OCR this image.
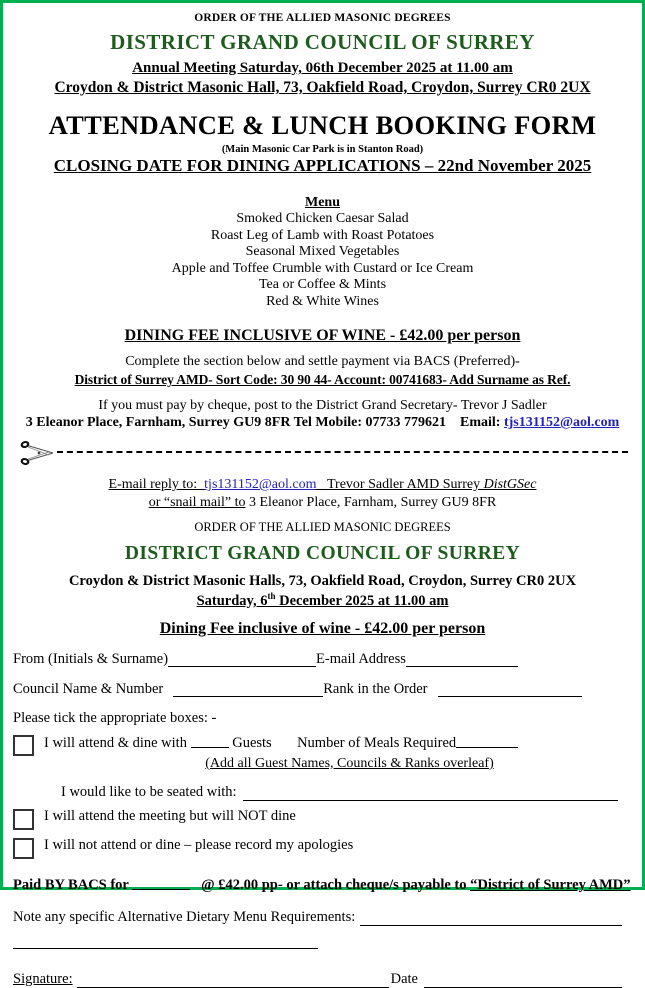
ORDER OF THE ALLIED MASONIC DEGREES
DISTRICT GRAND COUNCIL OF SURREY
Annual Meeting Saturday, 06th December 2025 at 11.00 am
Croydon & District Masonic Hall, 73, Oakfield Road, Croydon, Surrey CR0 2UX
ATTENDANCE & LUNCH BOOKING FORM
(Main Masonic Car Park is in Stanton Road)
CLOSING DATE FOR DINING APPLICATIONS – 22nd November 2025
Menu
Smoked Chicken Caesar Salad
Roast Leg of Lamb with Roast Potatoes
Seasonal Mixed Vegetables
Apple and Toffee Crumble with Custard or Ice Cream
Tea or Coffee & Mints
Red & White Wines
DINING FEE INCLUSIVE OF WINE - £42.00 per person
Complete the section below and settle payment via BACS (Preferred)-
District of Surrey AMD- Sort Code: 30 90 44- Account: 00741683- Add Surname as Ref.
If you must pay by cheque, post to the District Grand Secretary- Trevor J Sadler
3 Eleanor Place, Farnham, Surrey GU9 8FR Tel Mobile: 07733 779621 Email: tjs131152@aol.com
E-mail reply to: tjs131152@aol.com Trevor Sadler AMD Surrey DistGSec
or “snail mail” to 3 Eleanor Place, Farnham, Surrey GU9 8FR
ORDER OF THE ALLIED MASONIC DEGREES
DISTRICT GRAND COUNCIL OF SURREY
Croydon & District Masonic Halls, 73, Oakfield Road, Croydon, Surrey CR0 2UX
Saturday, 6th December 2025 at 11.00 am
Dining Fee inclusive of wine - £42.00 per person
From (Initials & Surname)	E-mail Address
Council Name & Number	Rank in the Order
Please tick the appropriate boxes: -
I will attend & dine with	Guests Number of Meals Required
(Add all Guest Names, Councils & Ranks overleaf)
I would like to be seated with:
I will attend the meeting but will NOT dine
I will not attend or dine – please record my apologies
Paid BY BACS for	@ £42.00 pp- or attach cheque/s payable to “District of Surrey AMD”
Note any specific Alternative Dietary Menu Requirements:
Signature:	Date
